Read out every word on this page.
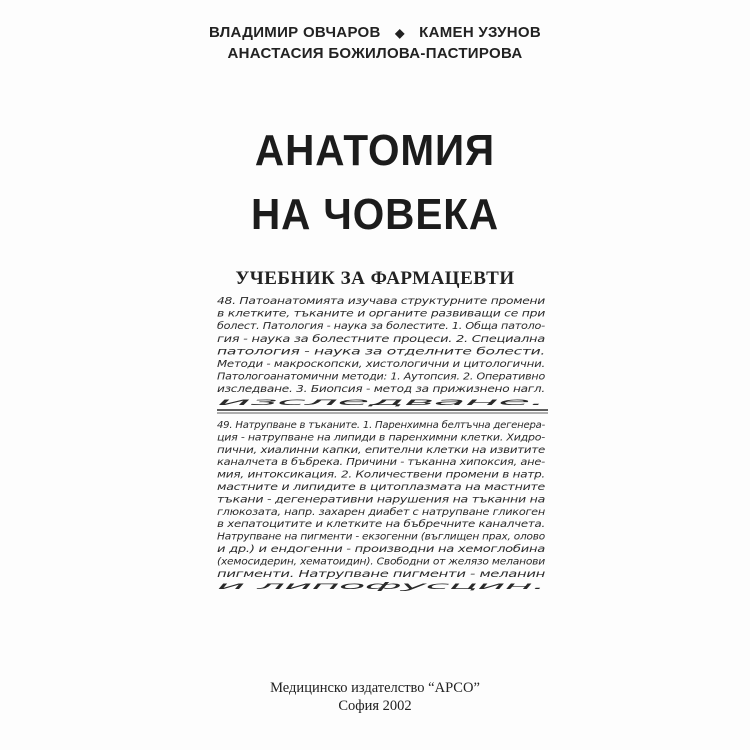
ВЛАДИМИР ОВЧАРОВ ◆ КАМЕН УЗУНОВ
АНАСТАСИЯ БОЖИЛОВА-ПАСТИРОВА
АНАТОМИЯ
НА ЧОВЕКА
УЧЕБНИК ЗА ФАРМАЦЕВТИ
48. Патоанатомията изучава структурните промени
в клетките, тъканите и органите развиващи се при
болест. Патология - наука за болестите. 1. Обща патоло-
гия - наука за болестните процеси. 2. Специална
патология - наука за отделните болести.
Методи - макроскопски, хистологични и цитологични.
Патологоанатомични методи: 1. Аутопсия. 2. Оперативно
изследване. 3. Биопсия - метод за прижизнено нагл.
изследване.
49. Натрупване в тъканите. 1. Паренхимна белтъчна дегенера-
ция - натрупване на липиди в паренхимни клетки. Хидро-
пични, хиалинни капки, епителни клетки на извитите
каналчета в бъбрека. Причини - тъканна хипоксия, ане-
мия, интоксикация. 2. Количествени промени в натр.
мастните и липидите в цитоплазмата на мастните
тъкани - дегенеративни нарушения на тъканни на
глюкозата, напр. захарен диабет с натрупване гликоген
в хепатоцитите и клетките на бъбречните каналчета.
Натрупване на пигменти - екзогенни (въглищен прах, олово
и др.) и ендогенни - производни на хемоглобина
(хемосидерин, хематоидин). Свободни от желязо меланови
пигменти. Натрупване пигменти - меланин
и липофусцин.
Медицинско издателство “АРСО”
София 2002
